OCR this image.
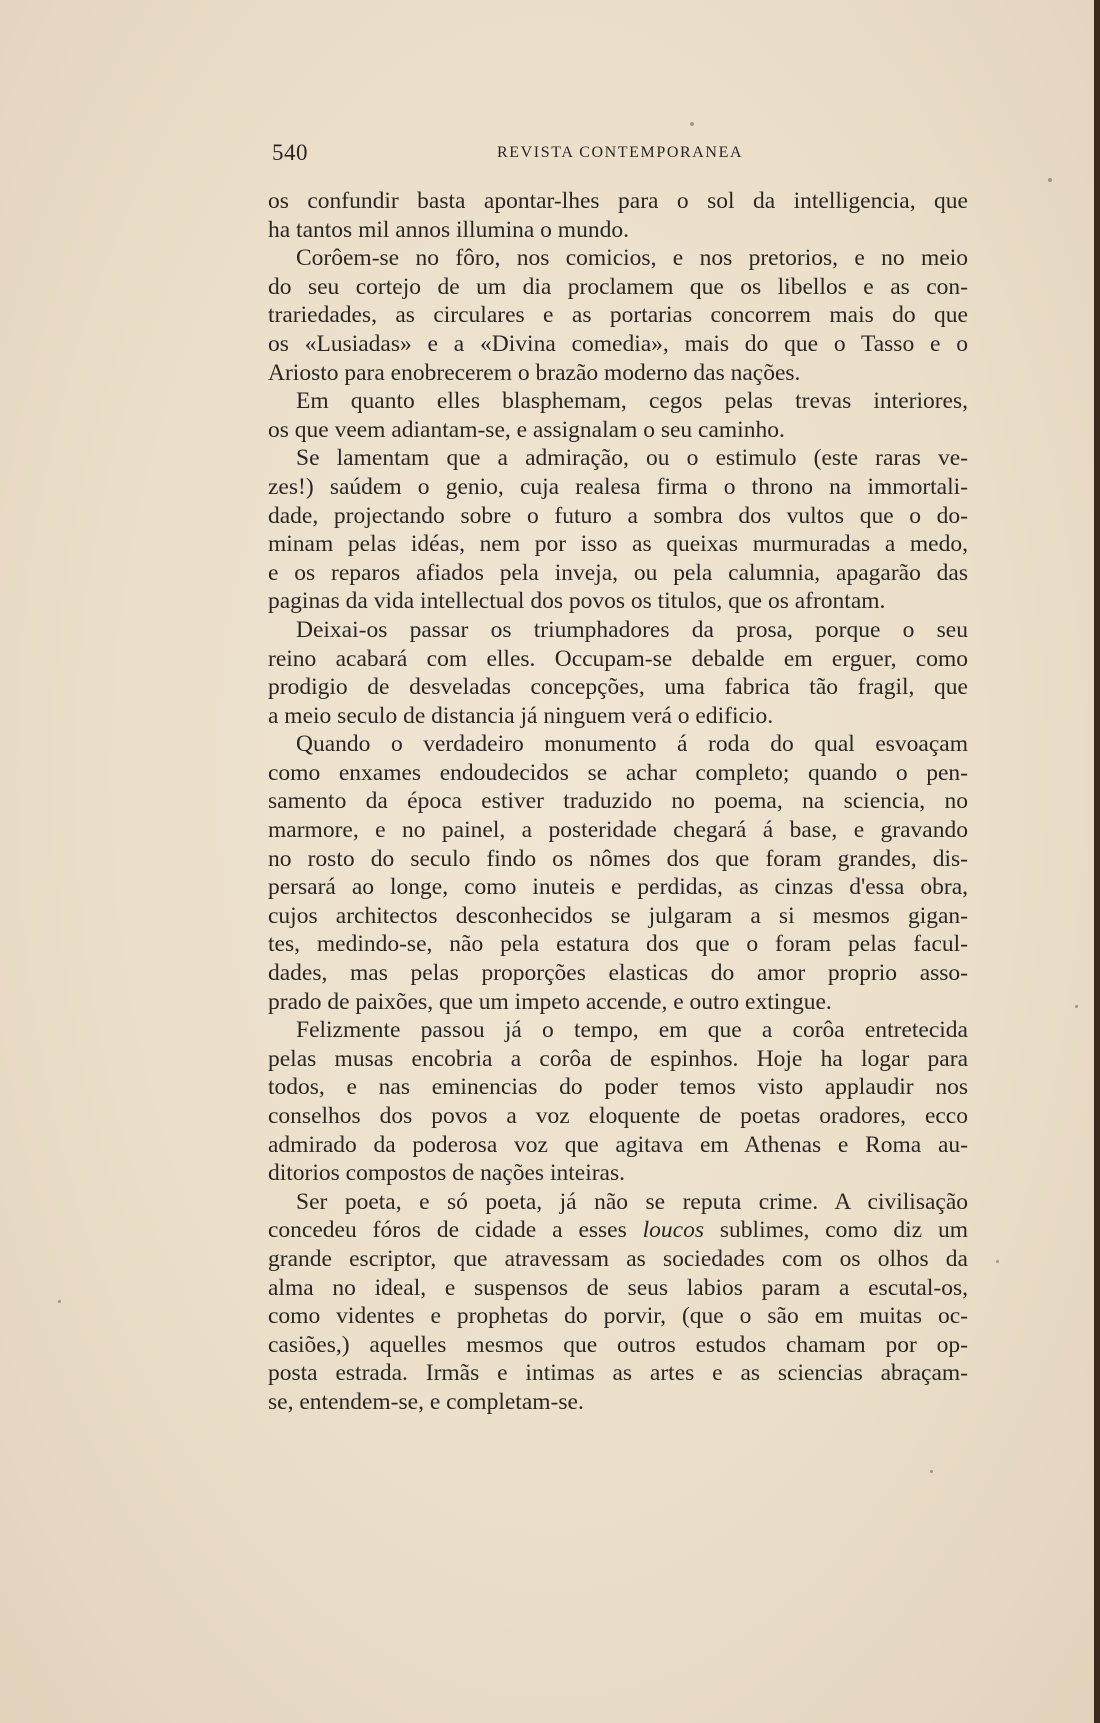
540	REVISTA CONTEMPORANEA
os confundir basta apontar-lhes para o sol da intelligencia, que
ha tantos mil annos illumina o mundo.
Corôem-se no fôro, nos comicios, e nos pretorios, e no meio
do seu cortejo de um dia proclamem que os libellos e as con-
trariedades, as circulares e as portarias concorrem mais do que
os «Lusiadas» e a «Divina comedia», mais do que o Tasso e o
Ariosto para enobrecerem o brazão moderno das nações.
Em quanto elles blasphemam, cegos pelas trevas interiores,
os que veem adiantam-se, e assignalam o seu caminho.
Se lamentam que a admiração, ou o estimulo (este raras ve-
zes!) saúdem o genio, cuja realesa firma o throno na immortali-
dade, projectando sobre o futuro a sombra dos vultos que o do-
minam pelas idéas, nem por isso as queixas murmuradas a medo,
e os reparos afiados pela inveja, ou pela calumnia, apagarão das
paginas da vida intellectual dos povos os titulos, que os afrontam.
Deixai-os passar os triumphadores da prosa, porque o seu
reino acabará com elles. Occupam-se debalde em erguer, como
prodigio de desveladas concepções, uma fabrica tão fragil, que
a meio seculo de distancia já ninguem verá o edificio.
Quando o verdadeiro monumento á roda do qual esvoaçam
como enxames endoudecidos se achar completo; quando o pen-
samento da época estiver traduzido no poema, na sciencia, no
marmore, e no painel, a posteridade chegará á base, e gravando
no rosto do seculo findo os nômes dos que foram grandes, dis-
persará ao longe, como inuteis e perdidas, as cinzas d'essa obra,
cujos architectos desconhecidos se julgaram a si mesmos gigan-
tes, medindo-se, não pela estatura dos que o foram pelas facul-
dades, mas pelas proporções elasticas do amor proprio asso-
prado de paixões, que um impeto accende, e outro extingue.
Felizmente passou já o tempo, em que a corôa entretecida
pelas musas encobria a corôa de espinhos. Hoje ha logar para
todos, e nas eminencias do poder temos visto applaudir nos
conselhos dos povos a voz eloquente de poetas oradores, ecco
admirado da poderosa voz que agitava em Athenas e Roma au-
ditorios compostos de nações inteiras.
Ser poeta, e só poeta, já não se reputa crime. A civilisação
concedeu fóros de cidade a esses loucos sublimes, como diz um
grande escriptor, que atravessam as sociedades com os olhos da
alma no ideal, e suspensos de seus labios param a escutal-os,
como videntes e prophetas do porvir, (que o são em muitas oc-
casiões,) aquelles mesmos que outros estudos chamam por op-
posta estrada. Irmãs e intimas as artes e as sciencias abraçam-
se, entendem-se, e completam-se.
